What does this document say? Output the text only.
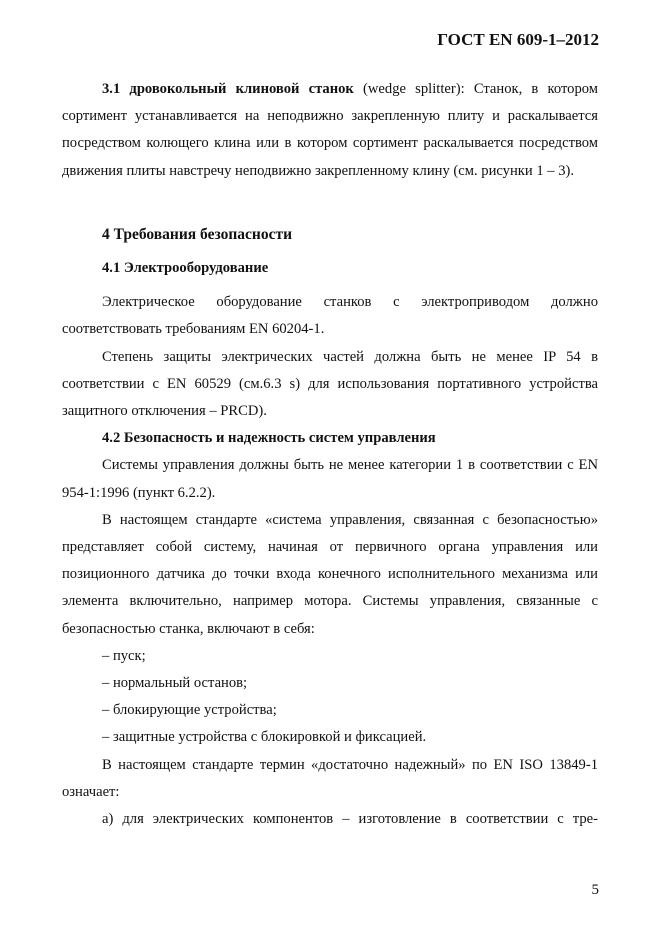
ГОСТ EN 609-1–2012

3.1 дровокольный клиновой станок (wedge splitter): Станок, в котором сортимент устанавливается на неподвижно закрепленную плиту и раскалывается посредством колющего клина или в котором сортимент раскалывается посредством движения плиты навстречу неподвижно закрепленному клину (см. рисунки 1 – 3).

4 Требования безопасности
4.1 Электрооборудование

Электрическое оборудование станков с электроприводом должно соответствовать требованиям EN 60204-1.

Степень защиты электрических частей должна быть не менее IP 54 в соответствии с EN 60529 (см.6.3 s) для использования портативного устройства защитного отключения – PRCD).

4.2 Безопасность и надежность систем управления

Системы управления должны быть не менее категории 1 в соответствии с EN 954-1:1996 (пункт 6.2.2).

В настоящем стандарте «система управления, связанная с безопасностью» представляет собой систему, начиная от первичного органа управления или позиционного датчика до точки входа конечного исполнительного механизма или элемента включительно, например мотора. Системы управления, связанные с безопасностью станка, включают в себя:

– пуск;
– нормальный останов;
– блокирующие устройства;
– защитные устройства с блокировкой и фиксацией.

В настоящем стандарте термин «достаточно надежный» по EN ISO 13849-1 означает:

а) для электрических компонентов – изготовление в соответствии с тре-

5
